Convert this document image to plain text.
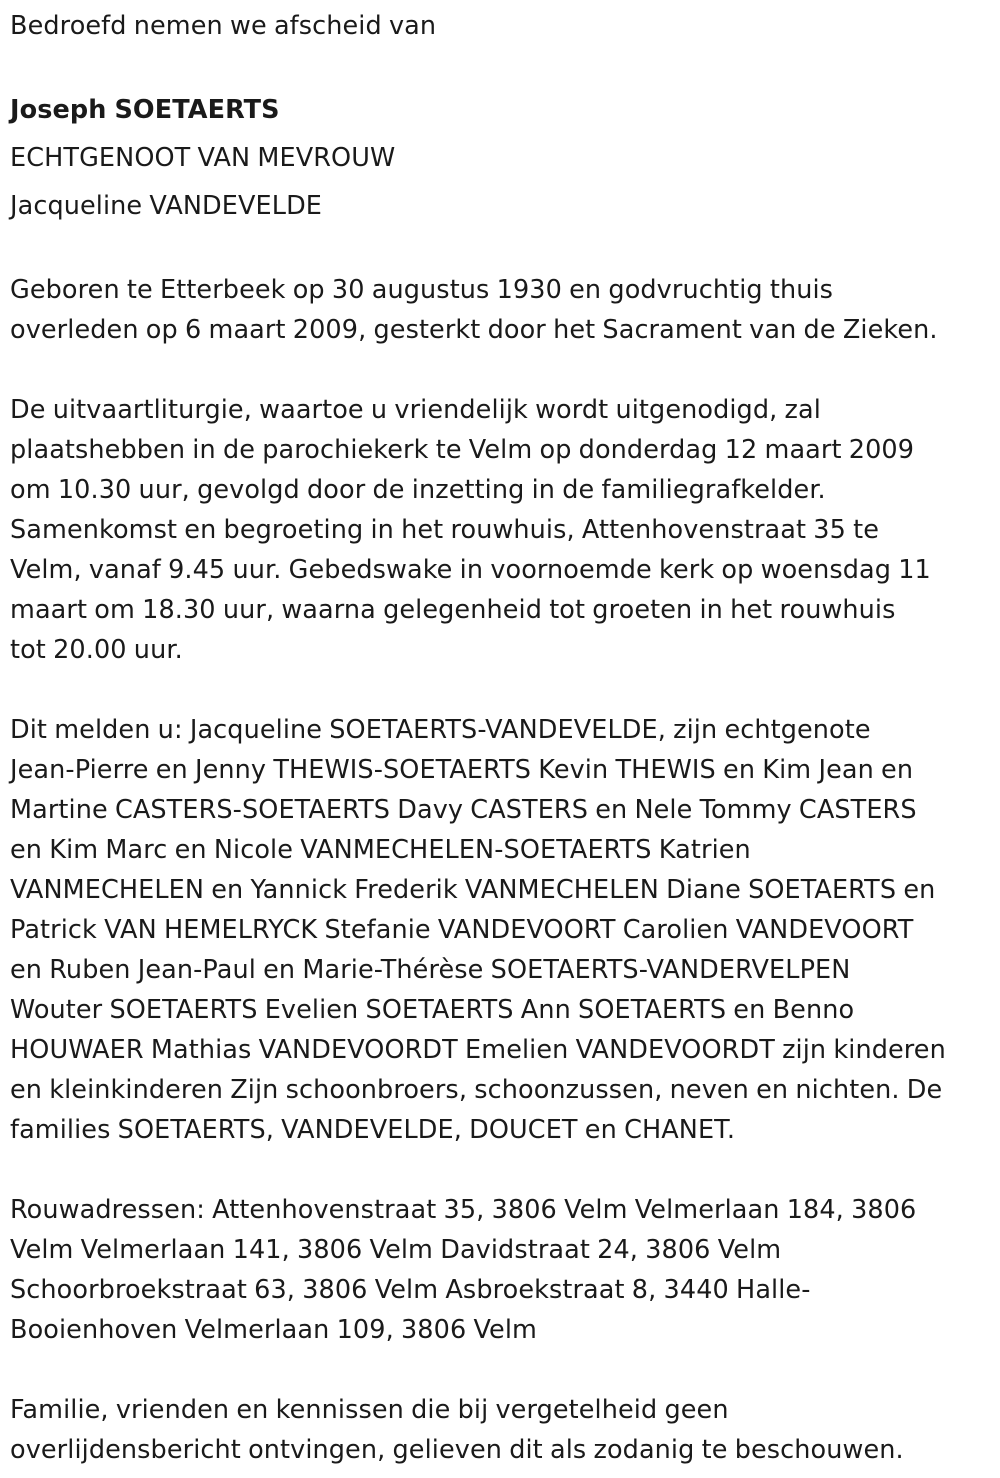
Bedroefd nemen we afscheid van
Joseph SOETAERTS
ECHTGENOOT VAN MEVROUW
Jacqueline VANDEVELDE
Geboren te Etterbeek op 30 augustus 1930 en godvruchtig thuis
overleden op 6 maart 2009, gesterkt door het Sacrament van de Zieken.
De uitvaartliturgie, waartoe u vriendelijk wordt uitgenodigd, zal
plaatshebben in de parochiekerk te Velm op donderdag 12 maart 2009
om 10.30 uur, gevolgd door de inzetting in de familiegrafkelder.
Samenkomst en begroeting in het rouwhuis, Attenhovenstraat 35 te
Velm, vanaf 9.45 uur. Gebedswake in voornoemde kerk op woensdag 11
maart om 18.30 uur, waarna gelegenheid tot groeten in het rouwhuis
tot 20.00 uur.
Dit melden u: Jacqueline SOETAERTS-VANDEVELDE, zijn echtgenote
Jean-Pierre en Jenny THEWIS-SOETAERTS Kevin THEWIS en Kim Jean en
Martine CASTERS-SOETAERTS Davy CASTERS en Nele Tommy CASTERS
en Kim Marc en Nicole VANMECHELEN-SOETAERTS Katrien
VANMECHELEN en Yannick Frederik VANMECHELEN Diane SOETAERTS en
Patrick VAN HEMELRYCK Stefanie VANDEVOORT Carolien VANDEVOORT
en Ruben Jean-Paul en Marie-Thérèse SOETAERTS-VANDERVELPEN
Wouter SOETAERTS Evelien SOETAERTS Ann SOETAERTS en Benno
HOUWAER Mathias VANDEVOORDT Emelien VANDEVOORDT zijn kinderen
en kleinkinderen Zijn schoonbroers, schoonzussen, neven en nichten. De
families SOETAERTS, VANDEVELDE, DOUCET en CHANET.
Rouwadressen: Attenhovenstraat 35, 3806 Velm Velmerlaan 184, 3806
Velm Velmerlaan 141, 3806 Velm Davidstraat 24, 3806 Velm
Schoorbroekstraat 63, 3806 Velm Asbroekstraat 8, 3440 Halle-
Booienhoven Velmerlaan 109, 3806 Velm
Familie, vrienden en kennissen die bij vergetelheid geen
overlijdensbericht ontvingen, gelieven dit als zodanig te beschouwen.
